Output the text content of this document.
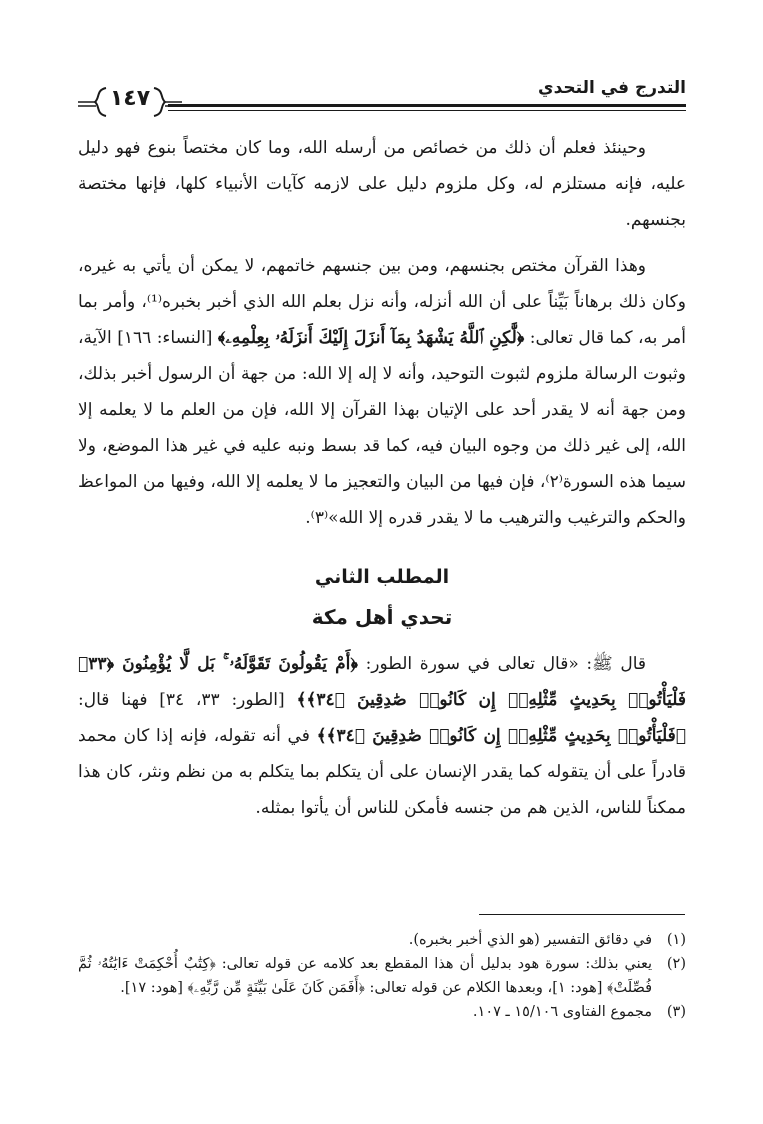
التدرج في التحدي
١٤٧

وحينئذ فعلم أن ذلك من خصائص من أرسله الله، وما كان مختصاً بنوع فهو دليل عليه، فإنه مستلزم له، وكل ملزوم دليل على لازمه كآيات الأنبياء كلها، فإنها مختصة بجنسهم.

وهذا القرآن مختص بجنسهم، ومن بين جنسهم خاتمهم، لا يمكن أن يأتي به غيره، وكان ذلك برهاناً بَيِّناً على أن الله أنزله، وأنه نزل بعلم الله الذي أخبر بخبره⁽¹⁾، وأمر بما أمر به، كما قال تعالى: ﴿لَّٰكِنِ ٱللَّهُ يَشْهَدُ بِمَآ أَنزَلَ إِلَيْكَ أَنزَلَهُۥ بِعِلْمِهِۦ﴾ [النساء: ١٦٦] الآية، وثبوت الرسالة ملزوم لثبوت التوحيد، وأنه لا إله إلا الله: من جهة أن الرسول أخبر بذلك، ومن جهة أنه لا يقدر أحد على الإتيان بهذا القرآن إلا الله، فإن من العلم ما لا يعلمه إلا الله، إلى غير ذلك من وجوه البيان فيه، كما قد بسط ونبه عليه في غير هذا الموضع، ولا سيما هذه السورة⁽٢⁾، فإن فيها من البيان والتعجيز ما لا يعلمه إلا الله، وفيها من المواعظ والحكم والترغيب والترهيب ما لا يقدر قدره إلا الله»⁽٣⁾.

المطلب الثاني

تحدي أهل مكة

قال ﷺ: «قال تعالى في سورة الطور: ﴿أَمْ يَقُولُونَ تَقَوَّلَهُۥ ۚ بَل لَّا يُؤْمِنُونَ ﴿٣٣﴾ فَلْيَأْتُوا۟ بِحَدِيثٍ مِّثْلِهِۦٓ إِن كَانُوا۟ صَٰدِقِينَ ﴿٣٤﴾﴾ [الطور: ٣٣، ٣٤] فهنا قال: ﴿فَلْيَأْتُوا۟ بِحَدِيثٍ مِّثْلِهِۦٓ إِن كَانُوا۟ صَٰدِقِينَ ﴿٣٤﴾﴾ في أنه تقوله، فإنه إذا كان محمد قادراً على أن يتقوله كما يقدر الإنسان على أن يتكلم بما يتكلم به من نظم ونثر، كان هذا ممكناً للناس، الذين هم من جنسه فأمكن للناس أن يأتوا بمثله.

(١)
في دقائق التفسير (هو الذي أخبر بخبره).
(٢)
يعني بذلك: سورة هود بدليل أن هذا المقطع بعد كلامه عن قوله تعالى: ﴿كِتَٰبٌ أُحْكِمَتْ ءَايَٰتُهُۥ ثُمَّ فُصِّلَتْ﴾ [هود: ١]، وبعدها الكلام عن قوله تعالى: ﴿أَفَمَن كَانَ عَلَىٰ بَيِّنَةٍ مِّن رَّبِّهِۦ﴾ [هود: ١٧].
(٣)
مجموع الفتاوى ١٥/١٠٦ ـ ١٠٧.
